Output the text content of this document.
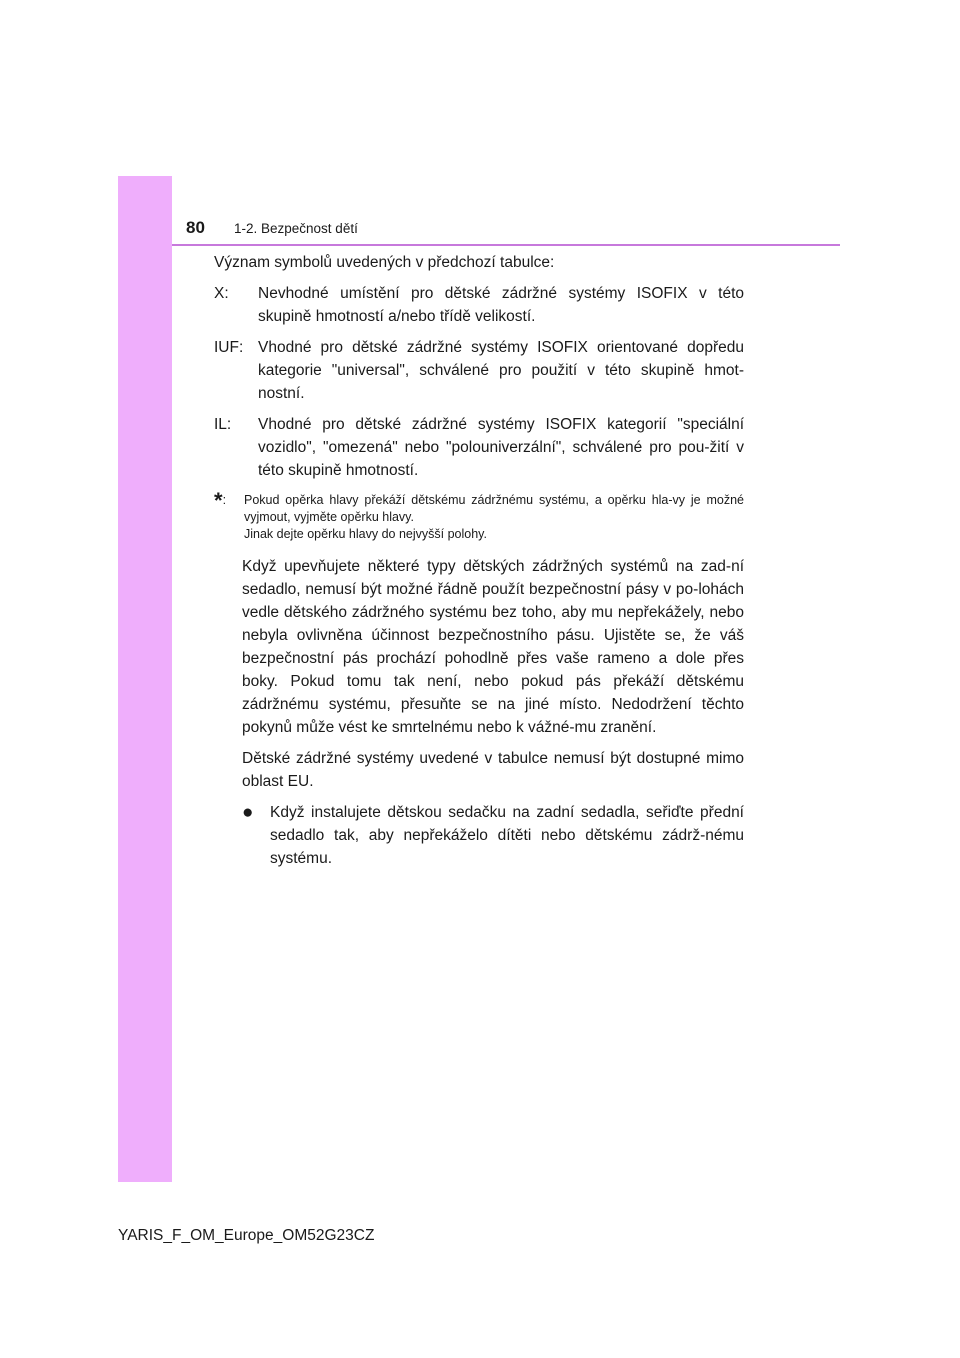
80 1-2. Bezpečnost dětí

Význam symbolů uvedených v předchozí tabulce:

X:	Nevhodné umístění pro dětské zádržné systémy ISOFIX v této skupině hmotností a/nebo třídě velikostí.
IUF: Vhodné pro dětské zádržné systémy ISOFIX orientované dopředu kategorie "universal", schválené pro použití v této skupině hmot-nostní.
IL:	Vhodné pro dětské zádržné systémy ISOFIX kategorií "speciální vozidlo", "omezená" nebo "polouniverzální", schválené pro pou-žití v této skupině hmotností.
*:	Pokud opěrka hlavy překáží dětskému zádržnému systému, a opěrku hla-vy je možné vyjmout, vyjměte opěrku hlavy.
Jinak dejte opěrku hlavy do nejvyšší polohy.

Když upevňujete některé typy dětských zádržných systémů na zad-ní sedadlo, nemusí být možné řádně použít bezpečnostní pásy v po-lohách vedle dětského zádržného systému bez toho, aby mu nepřekážely, nebo nebyla ovlivněna účinnost bezpečnostního pásu. Ujistěte se, že váš bezpečnostní pás prochází pohodlně přes vaše rameno a dole přes boky. Pokud tomu tak není, nebo pokud pás překáží dětskému zádržnému systému, přesuňte se na jiné místo. Nedodržení těchto pokynů může vést ke smrtelnému nebo k vážné-mu zranění.

Dětské zádržné systémy uvedené v tabulce nemusí být dostupné mimo oblast EU.

●	Když instalujete dětskou sedačku na zadní sedadla, seřiďte přední sedadlo tak, aby nepřekáželo dítěti nebo dětskému zádrž-nému systému.
YARIS_F_OM_Europe_OM52G23CZ
